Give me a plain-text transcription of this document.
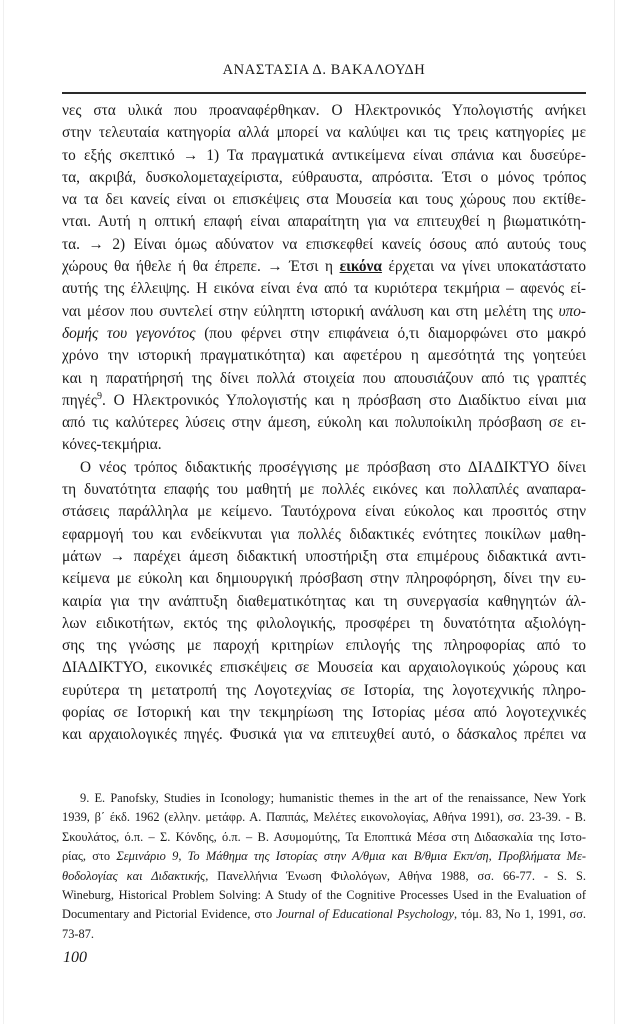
ΑΝΑΣΤΑΣΙΑ Δ. ΒΑΚΑΛΟΥΔΗ
νες στα υλικά που προαναφέρθηκαν. Ο Ηλεκτρονικός Υπολογιστής ανήκει
στην τελευταία κατηγορία αλλά μπορεί να καλύψει και τις τρεις κατηγορίες με
το εξής σκεπτικό → 1) Τα πραγματικά αντικείμενα είναι σπάνια και δυσεύρε-
τα, ακριβά, δυσκολομεταχείριστα, εύθραυστα, απρόσιτα. Έτσι ο μόνος τρόπος
να τα δει κανείς είναι οι επισκέψεις στα Μουσεία και τους χώρους που εκτίθε-
νται. Αυτή η οπτική επαφή είναι απαραίτητη για να επιτευχθεί η βιωματικότη-
τα. → 2) Είναι όμως αδύνατον να επισκεφθεί κανείς όσους από αυτούς τους
χώρους θα ήθελε ή θα έπρεπε. → Έτσι η εικόνα έρχεται να γίνει υποκατάστατο
αυτής της έλλειψης. Η εικόνα είναι ένα από τα κυριότερα τεκμήρια – αφενός εί-
ναι μέσον που συντελεί στην εύληπτη ιστορική ανάλυση και στη μελέτη της υπο-
δομής του γεγονότος (που φέρνει στην επιφάνεια ό,τι διαμορφώνει στο μακρό
χρόνο την ιστορική πραγματικότητα) και αφετέρου η αμεσότητά της γοητεύει
και η παρατήρησή της δίνει πολλά στοιχεία που απουσιάζουν από τις γραπτές
πηγές$^9$. Ο Ηλεκτρονικός Υπολογιστής και η πρόσβαση στο Διαδίκτυο είναι μια
από τις καλύτερες λύσεις στην άμεση, εύκολη και πολυποίκιλη πρόσβαση σε ει-
κόνες-τεκμήρια.
Ο νέος τρόπος διδακτικής προσέγγισης με πρόσβαση στο ΔΙΑΔΙΚΤΥΟ δίνει
τη δυνατότητα επαφής του μαθητή με πολλές εικόνες και πολλαπλές αναπαρα-
στάσεις παράλληλα με κείμενο. Ταυτόχρονα είναι εύκολος και προσιτός στην
εφαρμογή του και ενδείκνυται για πολλές διδακτικές ενότητες ποικίλων μαθη-
μάτων → παρέχει άμεση διδακτική υποστήριξη στα επιμέρους διδακτικά αντι-
κείμενα με εύκολη και δημιουργική πρόσβαση στην πληροφόρηση, δίνει την ευ-
καιρία για την ανάπτυξη διαθεματικότητας και τη συνεργασία καθηγητών άλ-
λων ειδικοτήτων, εκτός της φιλολογικής, προσφέρει τη δυνατότητα αξιολόγη-
σης της γνώσης με παροχή κριτηρίων επιλογής της πληροφορίας από το
ΔΙΑΔΙΚΤΥΟ, εικονικές επισκέψεις σε Μουσεία και αρχαιολογικούς χώρους και
ευρύτερα τη μετατροπή της Λογοτεχνίας σε Ιστορία, της λογοτεχνικής πληρο-
φορίας σε Ιστορική και την τεκμηρίωση της Ιστορίας μέσα από λογοτεχνικές
και αρχαιολογικές πηγές. Φυσικά για να επιτευχθεί αυτό, ο δάσκαλος πρέπει να
9. E. Panofsky, Studies in Iconology; humanistic themes in the art of the renaissance, New York
1939, β΄ έκδ. 1962 (ελλην. μετάφρ. Α. Παππάς, Μελέτες εικονολογίας, Αθήνα 1991), σσ. 23-39. - Β.
Σκουλάτος, ό.π. – Σ. Κόνδης, ό.π. – Β. Ασυμομύτης, Τα Εποπτικά Μέσα στη Διδασκαλία της Ιστο-
ρίας, στο Σεμινάριο 9, Το Μάθημα της Ιστορίας στην Α/θμια και Β/θμια Εκπ/ση, Προβλήματα Με-
θοδολογίας και Διδακτικής, Πανελλήνια Ένωση Φιλολόγων, Αθήνα 1988, σσ. 66-77. - S. S.
Wineburg, Historical Problem Solving: A Study of the Cognitive Processes Used in the Evaluation of
Documentary and Pictorial Evidence, στο Journal of Educational Psychology, τόμ. 83, No 1, 1991, σσ.
73-87.
100
